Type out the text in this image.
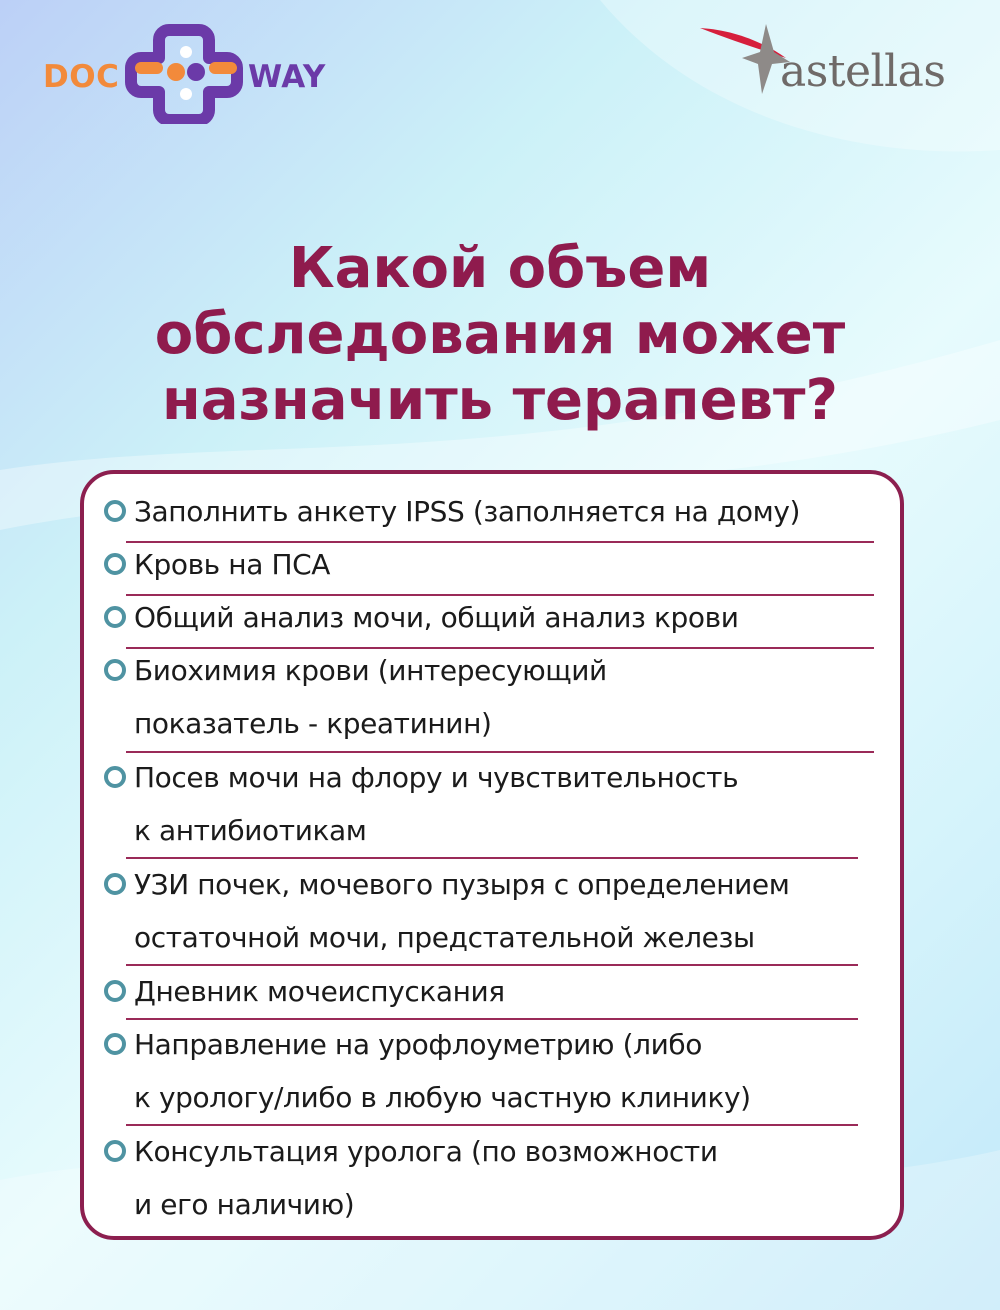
DOC	WAY	astellas
Какой объем
обследования может
назначить терапевт?
Заполнить анкету IPSS (заполняется на дому)
Кровь на ПСА
Общий анализ мочи, общий анализ крови
Биохимия крови (интересующий
показатель - креатинин)
Посев мочи на флору и чувствительность
к антибиотикам
УЗИ почек, мочевого пузыря с определением
остаточной мочи, предстательной железы
Дневник мочеиспускания
Направление на урофлоуметрию (либо
к урологу/либо в любую частную клинику)
Консультация уролога (по возможности
и его наличию)
